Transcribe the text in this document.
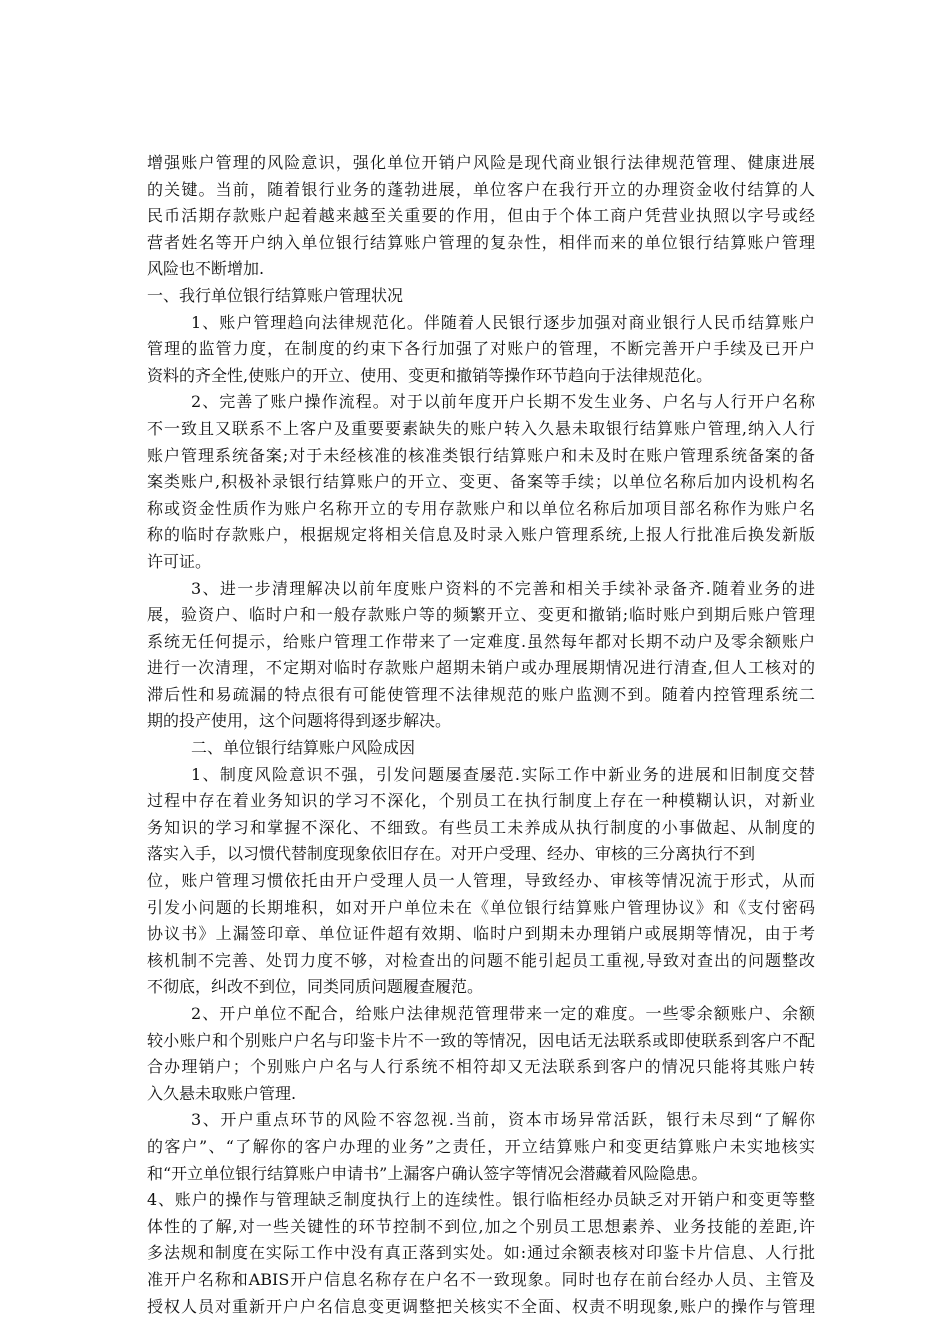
增强账户管理的风险意识，强化单位开销户风险是现代商业银行法律规范管理、健康进展
的关键。当前，随着银行业务的蓬勃进展，单位客户在我行开立的办理资金收付结算的人
民币活期存款账户起着越来越至关重要的作用，但由于个体工商户凭营业执照以字号或经
营者姓名等开户纳入单位银行结算账户管理的复杂性，相伴而来的单位银行结算账户管理
风险也不断增加.
一、我行单位银行结算账户管理状况
1、账户管理趋向法律规范化。伴随着人民银行逐步加强对商业银行人民币结算账户
管理的监管力度，在制度的约束下各行加强了对账户的管理，不断完善开户手续及已开户
资料的齐全性,使账户的开立、使用、变更和撤销等操作环节趋向于法律规范化。
2、完善了账户操作流程。对于以前年度开户长期不发生业务、户名与人行开户名称
不一致且又联系不上客户及重要要素缺失的账户转入久悬未取银行结算账户管理,纳入人行
账户管理系统备案;对于未经核准的核准类银行结算账户和未及时在账户管理系统备案的备
案类账户,积极补录银行结算账户的开立、变更、备案等手续；以单位名称后加内设机构名
称或资金性质作为账户名称开立的专用存款账户和以单位名称后加项目部名称作为账户名
称的临时存款账户，根据规定将相关信息及时录入账户管理系统,上报人行批准后换发新版
许可证。
3、进一步清理解决以前年度账户资料的不完善和相关手续补录备齐.随着业务的进
展，验资户、临时户和一般存款账户等的频繁开立、变更和撤销;临时账户到期后账户管理
系统无任何提示，给账户管理工作带来了一定难度.虽然每年都对长期不动户及零余额账户
进行一次清理，不定期对临时存款账户超期未销户或办理展期情况进行清查,但人工核对的
滞后性和易疏漏的特点很有可能使管理不法律规范的账户监测不到。随着内控管理系统二
期的投产使用，这个问题将得到逐步解决。
二、单位银行结算账户风险成因
1、制度风险意识不强，引发问题屡查屡范.实际工作中新业务的进展和旧制度交替
过程中存在着业务知识的学习不深化，个别员工在执行制度上存在一种模糊认识，对新业
务知识的学习和掌握不深化、不细致。有些员工未养成从执行制度的小事做起、从制度的
落实入手，以习惯代替制度现象依旧存在。对开户受理、经办、审核的三分离执行不到
位，账户管理习惯依托由开户受理人员一人管理，导致经办、审核等情况流于形式，从而
引发小问题的长期堆积，如对开户单位未在《单位银行结算账户管理协议》和《支付密码
协议书》上漏签印章、单位证件超有效期、临时户到期未办理销户或展期等情况，由于考
核机制不完善、处罚力度不够，对检查出的问题不能引起员工重视,导致对查出的问题整改
不彻底，纠改不到位，同类同质问题履查履范。
2、开户单位不配合，给账户法律规范管理带来一定的难度。一些零余额账户、余额
较小账户和个别账户户名与印鉴卡片不一致的等情况，因电话无法联系或即使联系到客户不配
合办理销户；个别账户户名与人行系统不相符却又无法联系到客户的情况只能将其账户转
入久悬未取账户管理.
3、开户重点环节的风险不容忽视.当前，资本市场异常活跃，银行未尽到“了解你
的客户”、“了解你的客户办理的业务”之责任，开立结算账户和变更结算账户未实地核实
和“开立单位银行结算账户申请书”上漏客户确认签字等情况会潜藏着风险隐患。
4、账户的操作与管理缺乏制度执行上的连续性。银行临柜经办员缺乏对开销户和变更等整
体性的了解,对一些关键性的环节控制不到位,加之个别员工思想素养、业务技能的差距,许
多法规和制度在实际工作中没有真正落到实处。如:通过余额表核对印鉴卡片信息、人行批
准开户名称和ABIS开户信息名称存在户名不一致现象。同时也存在前台经办人员、主管及
授权人员对重新开户户名信息变更调整把关核实不全面、权责不明现象,账户的操作与管理
